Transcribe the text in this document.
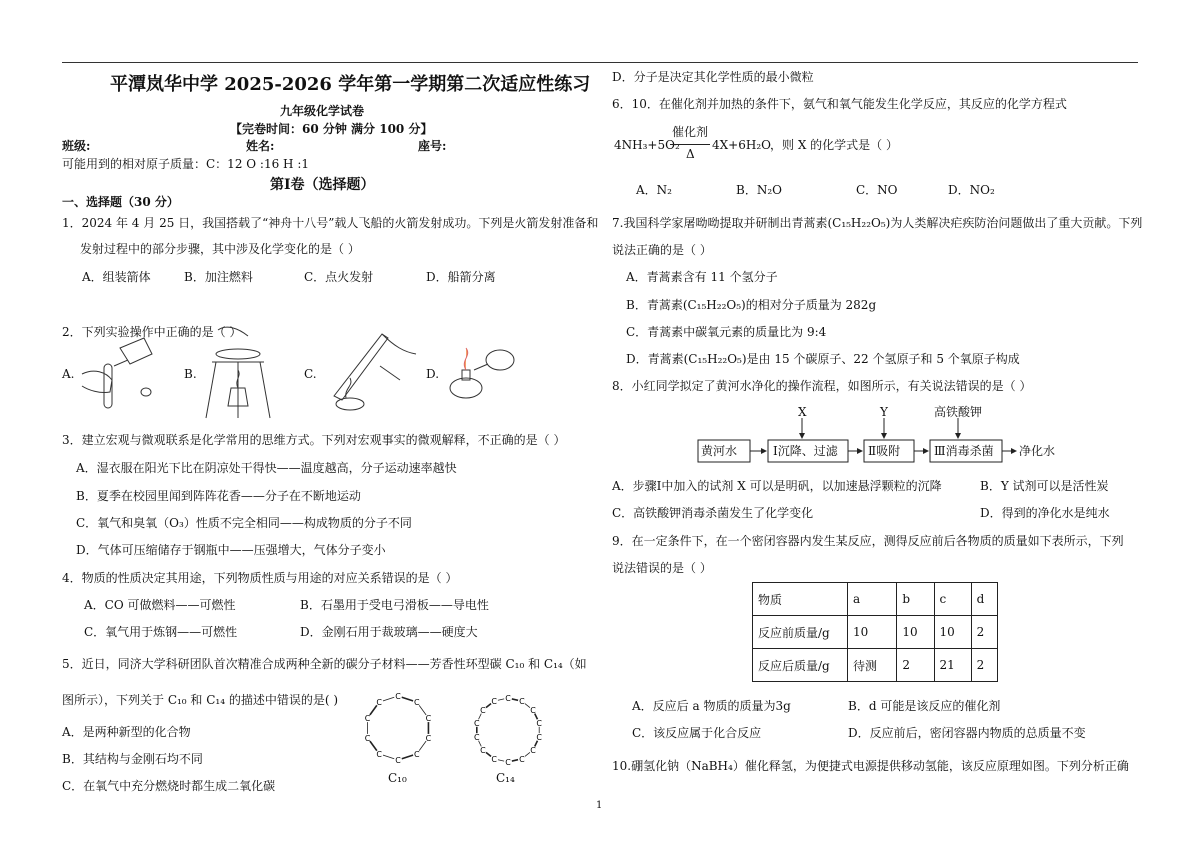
平潭岚华中学 2025-2026 学年第一学期第二次适应性练习
九年级化学试卷
【完卷时间：60 分钟 满分 100 分】
班级:	姓名:	座号:
可能用到的相对原子质量：C：12 O :16 H :1
第Ⅰ卷（选择题）
一、选择题（30 分）
1．2024 年 4 月 25 日，我国搭载了“神舟十八号”载人飞船的火箭发射成功。下列是火箭发射准备和
发射过程中的部分步骤，其中涉及化学变化的是（ ）
A．组装箭体	B．加注燃料	C．点火发射	D．船箭分离
2．下列实验操作中正确的是（ ）
A.	B.	C.	D.
3．建立宏观与微观联系是化学常用的思维方式。下列对宏观事实的微观解释，不正确的是（ ）
A．湿衣服在阳光下比在阴凉处干得快——温度越高，分子运动速率越快
B．夏季在校园里闻到阵阵花香——分子在不断地运动
C．氧气和臭氧（O₃）性质不完全相同——构成物质的分子不同
D．气体可压缩储存于钢瓶中——压强增大，气体分子变小
4．物质的性质决定其用途，下列物质性质与用途的对应关系错误的是（ ）
A．CO 可做燃料——可燃性	B．石墨用于受电弓滑板——导电性
C．氧气用于炼钢——可燃性	D．金刚石用于裁玻璃——硬度大
5．近日，同济大学科研团队首次精准合成两种全新的碳分子材料——芳香性环型碳 C₁₀ 和 C₁₄（如
图所示），下列关于 C₁₀ 和 C₁₄ 的描述中错误的是( )
A．是两种新型的化合物
B．其结构与金刚石均不同
C．在氧气中充分燃烧时都生成二氧化碳
C
C
C
C
C
C
C
C
C
C
C₁₀
C C
C
C
C
C
C
C
C
C
C
C
C
C
C₁₄
D．分子是决定其化学性质的最小微粒
6．10．在催化剂并加热的条件下，氨气和氧气能发生化学反应，其反应的化学方程式
4NH₃+5O₂
催化剂
Δ
4X+6H₂O ，则 X 的化学式是（ ）
A．N₂	B．N₂O	C．NO	D．NO₂
7.我国科学家屠呦呦提取并研制出青蒿素(C₁₅H₂₂O₅)为人类解决疟疾防治问题做出了重大贡献。下列
说法正确的是（ ）
A．青蒿素含有 11 个氢分子
B．青蒿素(C₁₅H₂₂O₅)的相对分子质量为 282g
C．青蒿素中碳氧元素的质量比为 9:4
D．青蒿素(C₁₅H₂₂O₅)是由 15 个碳原子、22 个氢原子和 5 个氧原子构成
8．小红同学拟定了黄河水净化的操作流程，如图所示，有关说法错误的是（ ）
黄河水	Ⅰ沉降、过滤	Ⅱ吸附	Ⅲ消毒杀菌 净化水
X	Y	高铁酸钾
A．步骤Ⅰ中加入的试剂 X 可以是明矾，以加速悬浮颗粒的沉降	B．Y 试剂可以是活性炭
C．高铁酸钾消毒杀菌发生了化学变化	D．得到的净化水是纯水
9．在一定条件下，在一个密闭容器内发生某反应，测得反应前后各物质的质量如下表所示，下列
说法错误的是（ ）
物质	a	b	c	d
反应前质量/g	10	10	10	2
反应后质量/g	待测	2	21	2
A．反应后 a 物质的质量为3g	B．d 可能是该反应的催化剂
C．该反应属于化合反应	D．反应前后，密闭容器内物质的总质量不变
10.硼氢化钠（NaBH₄）催化释氢，为便捷式电源提供移动氢能，该反应原理如图。下列分析正确
1
